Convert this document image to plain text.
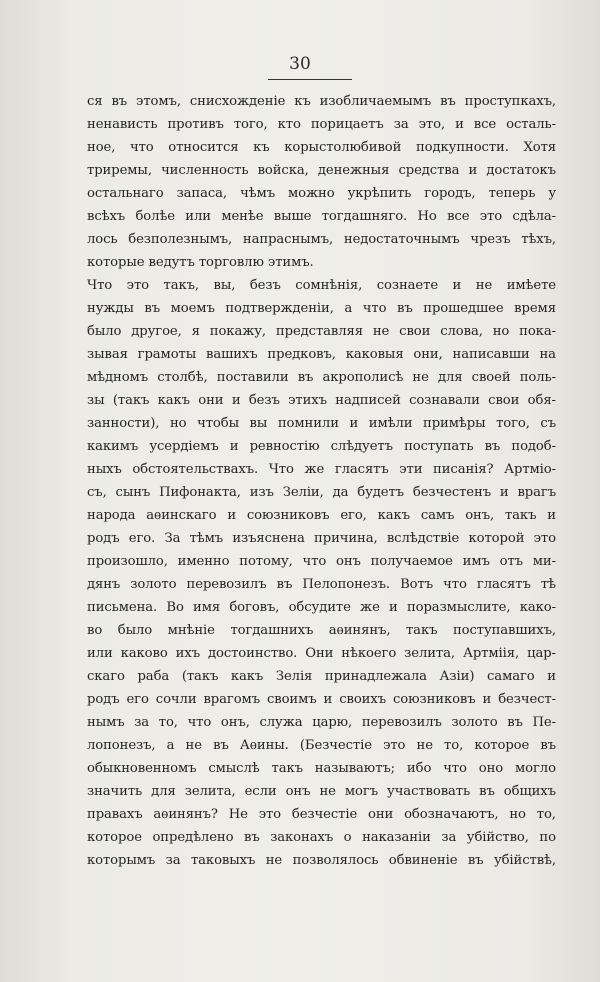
30
ся въ этомъ, снисхожденіе къ изобличаемымъ въ проступкахъ,
ненависть противъ того, кто порицаетъ за это, и все осталь-
ное, что относится къ корыстолюбивой подкупности. Хотя
триремы, численность войска, денежныя средства и достатокъ
остальнаго запаса, чѣмъ можно укрѣпить городъ, теперь у
всѣхъ болѣе или менѣе выше тогдашняго. Но все это сдѣла-
лось безполезнымъ, напраснымъ, недостаточнымъ чрезъ тѣхъ,
которые ведутъ торговлю этимъ.
Что это такъ, вы, безъ сомнѣнія, сознаете и не имѣете
нужды въ моемъ подтвержденіи, а что въ прошедшее время
было другое, я покажу, представляя не свои слова, но пока-
зывая грамоты вашихъ предковъ, каковыя они, написавши на
мѣдномъ столбѣ, поставили въ акрополисѣ не для своей поль-
зы (такъ какъ они и безъ этихъ надписей сознавали свои обя-
занности), но чтобы вы помнили и имѣли примѣры того, съ
какимъ усердіемъ и ревностію слѣдуетъ поступать въ подоб-
ныхъ обстоятельствахъ. Что же гласятъ эти писанія? Артміо-
съ, сынъ Пифонакта, изъ Зеліи, да будетъ безчестенъ и врагъ
народа аѳинскаго и союзниковъ его, какъ самъ онъ, такъ и
родъ его. За тѣмъ изъяснена причина, вслѣдствіе которой это
произошло, именно потому, что онъ получаемое имъ отъ ми-
дянъ золото перевозилъ въ Пелопонезъ. Вотъ что гласятъ тѣ
письмена. Во имя боговъ, обсудите же и поразмыслите, како-
во было мнѣніе тогдашнихъ аѳинянъ, такъ поступавшихъ,
или каково ихъ достоинство. Они нѣкоего зелита, Артміія, цар-
скаго раба (такъ какъ Зелія принадлежала Азіи) самаго и
родъ его сочли врагомъ своимъ и своихъ союзниковъ и безчест-
нымъ за то, что онъ, служа царю, перевозилъ золото въ Пе-
лопонезъ, а не въ Аѳины. (Безчестіе это не то, которое въ
обыкновенномъ смыслѣ такъ называютъ; ибо что оно могло
значить для зелита, если онъ не могъ участвовать въ общихъ
правахъ аѳинянъ? Не это безчестіе они обозначаютъ, но то,
которое опредѣлено въ законахъ о наказаніи за убійство, по
которымъ за таковыхъ не позволялось обвиненіе въ убійствѣ,
